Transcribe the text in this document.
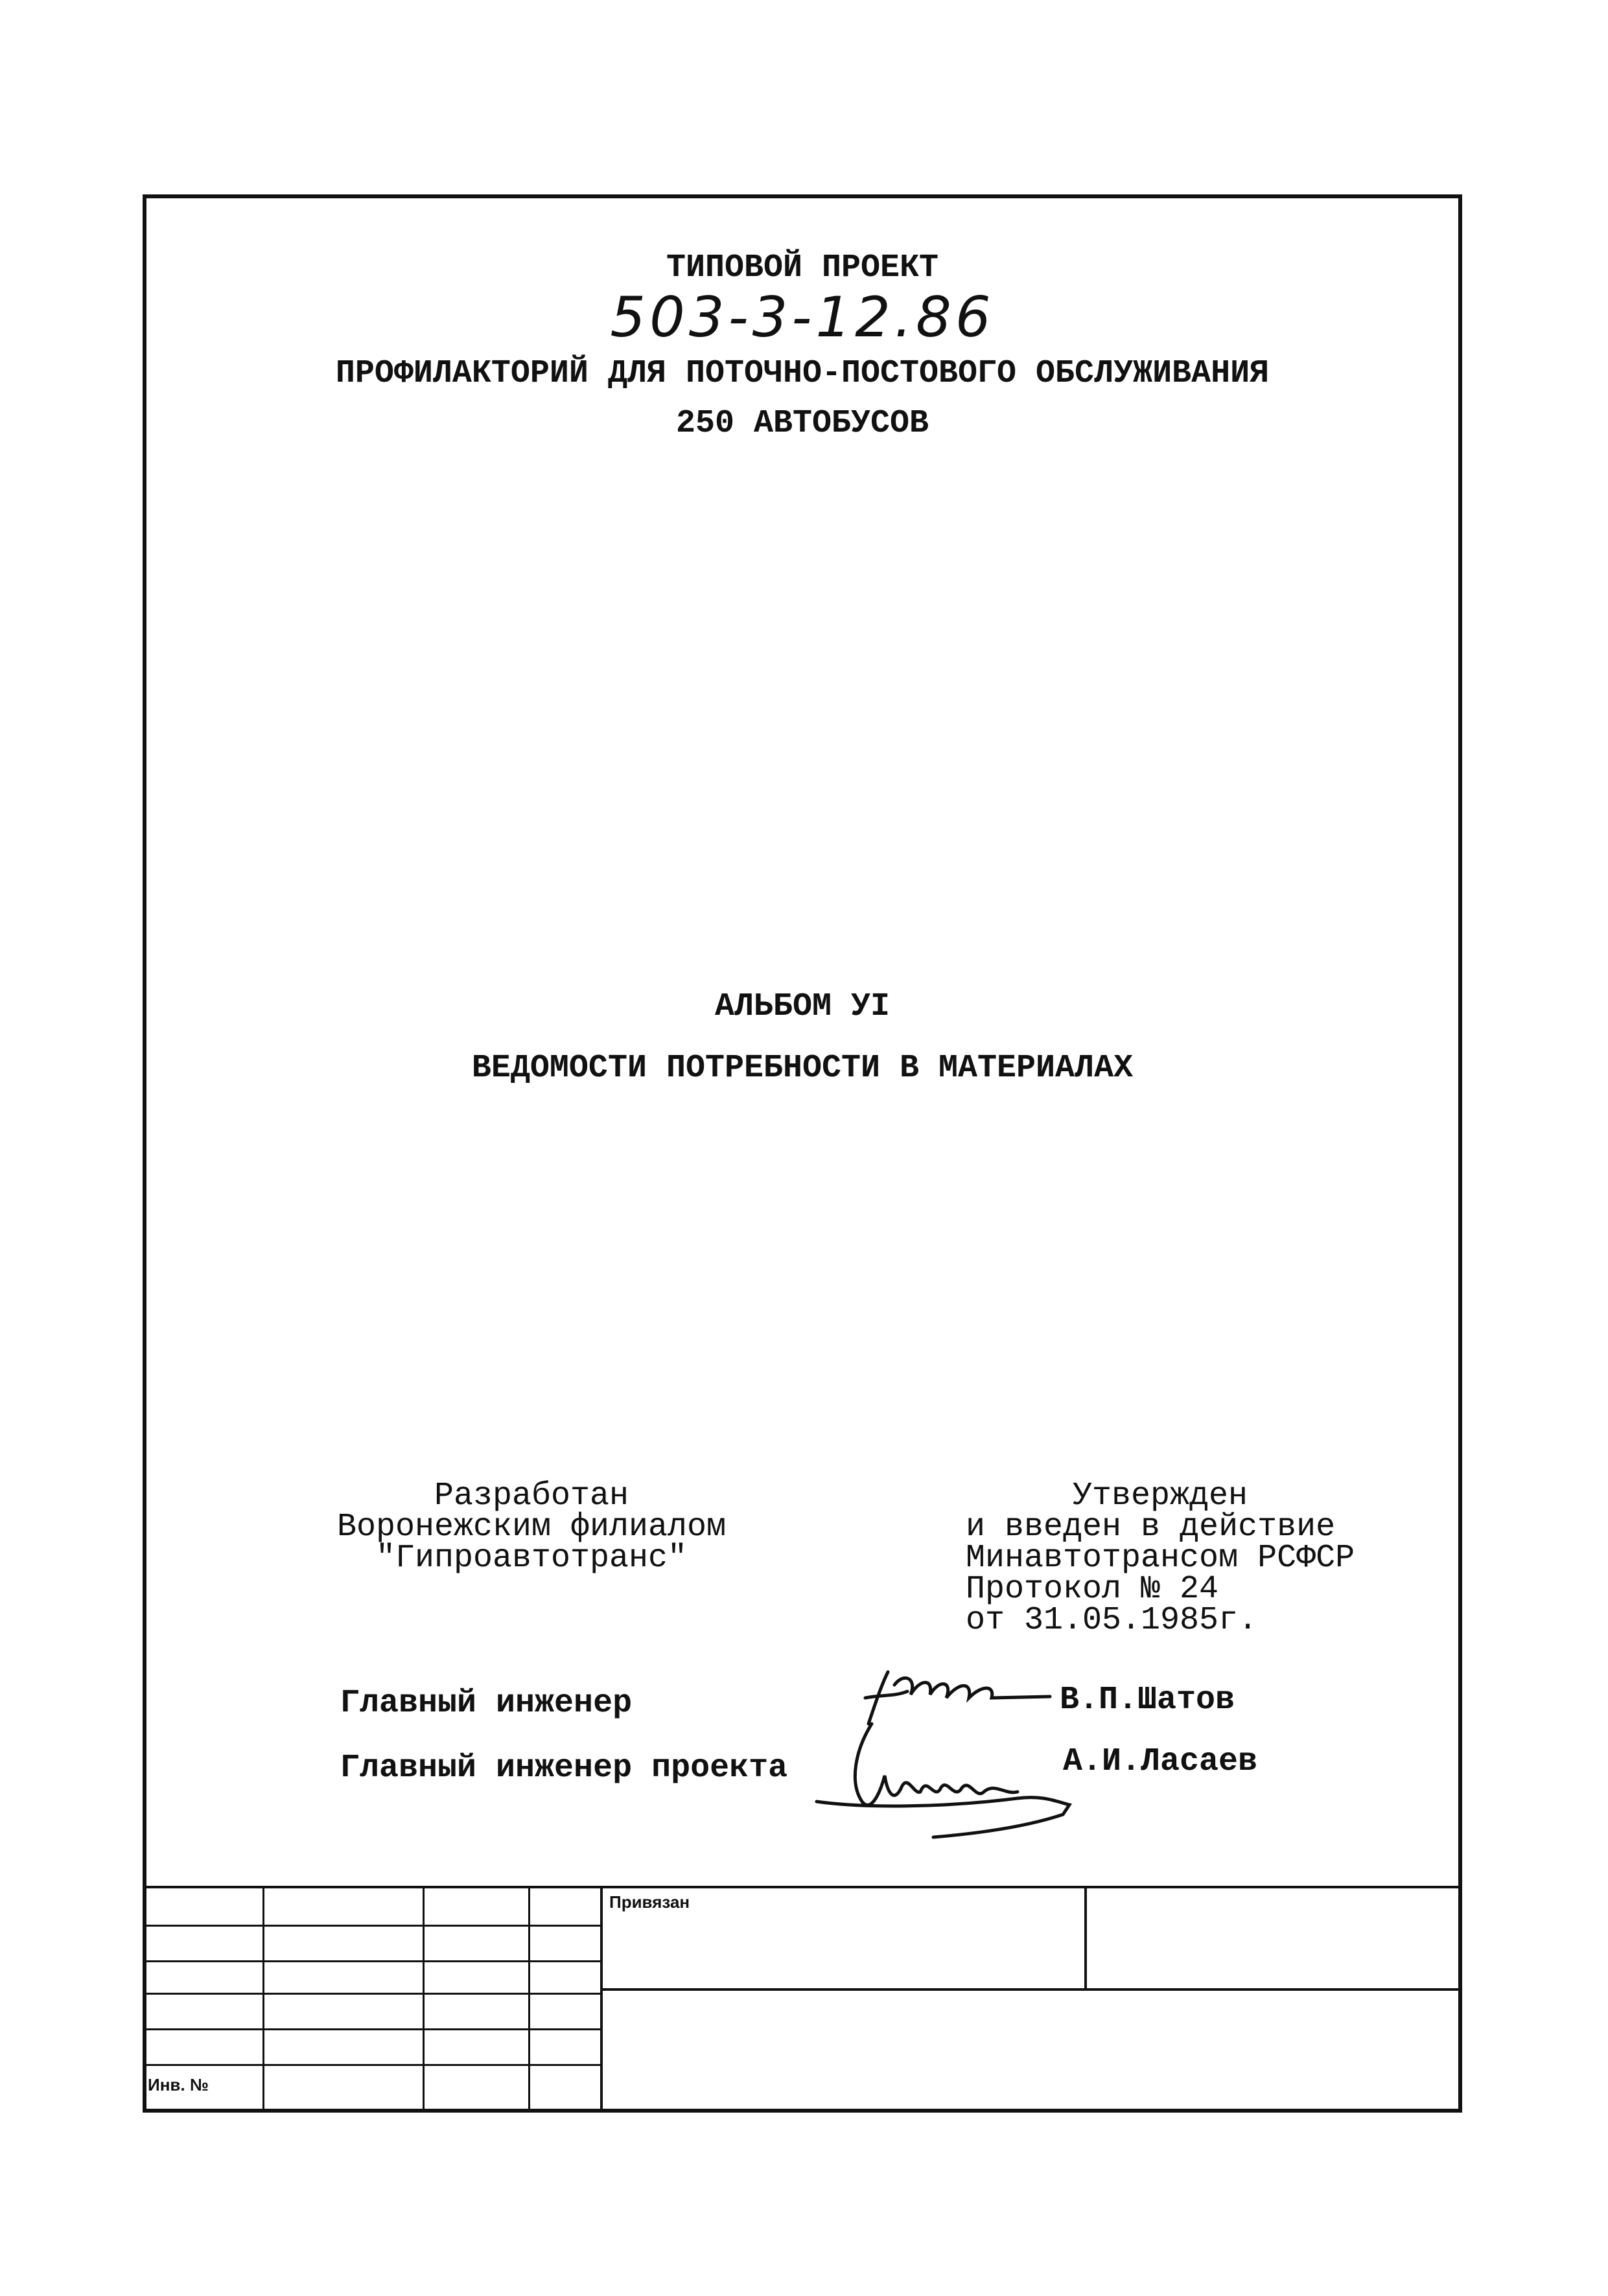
ТИПОВОЙ ПРОЕКТ
503-3-12.86
ПРОФИЛАКТОРИЙ ДЛЯ ПОТОЧНО-ПОСТОВОГО ОБСЛУЖИВАНИЯ
250 АВТОБУСОВ
АЛЬБОМ УI
ВЕДОМОСТИ ПОТРЕБНОСТИ В МАТЕРИАЛАХ
Разработан
Воронежским филиалом
"Гипроавтотранс"
Утвержден
и введен в действие
Минавтотрансом РСФСР
Протокол № 24
от 31.05.1985г.
Главный инженер	В.П.Шатов
Главный инженер проекта	А.И.Ласаев
Привязан
Инв. №
